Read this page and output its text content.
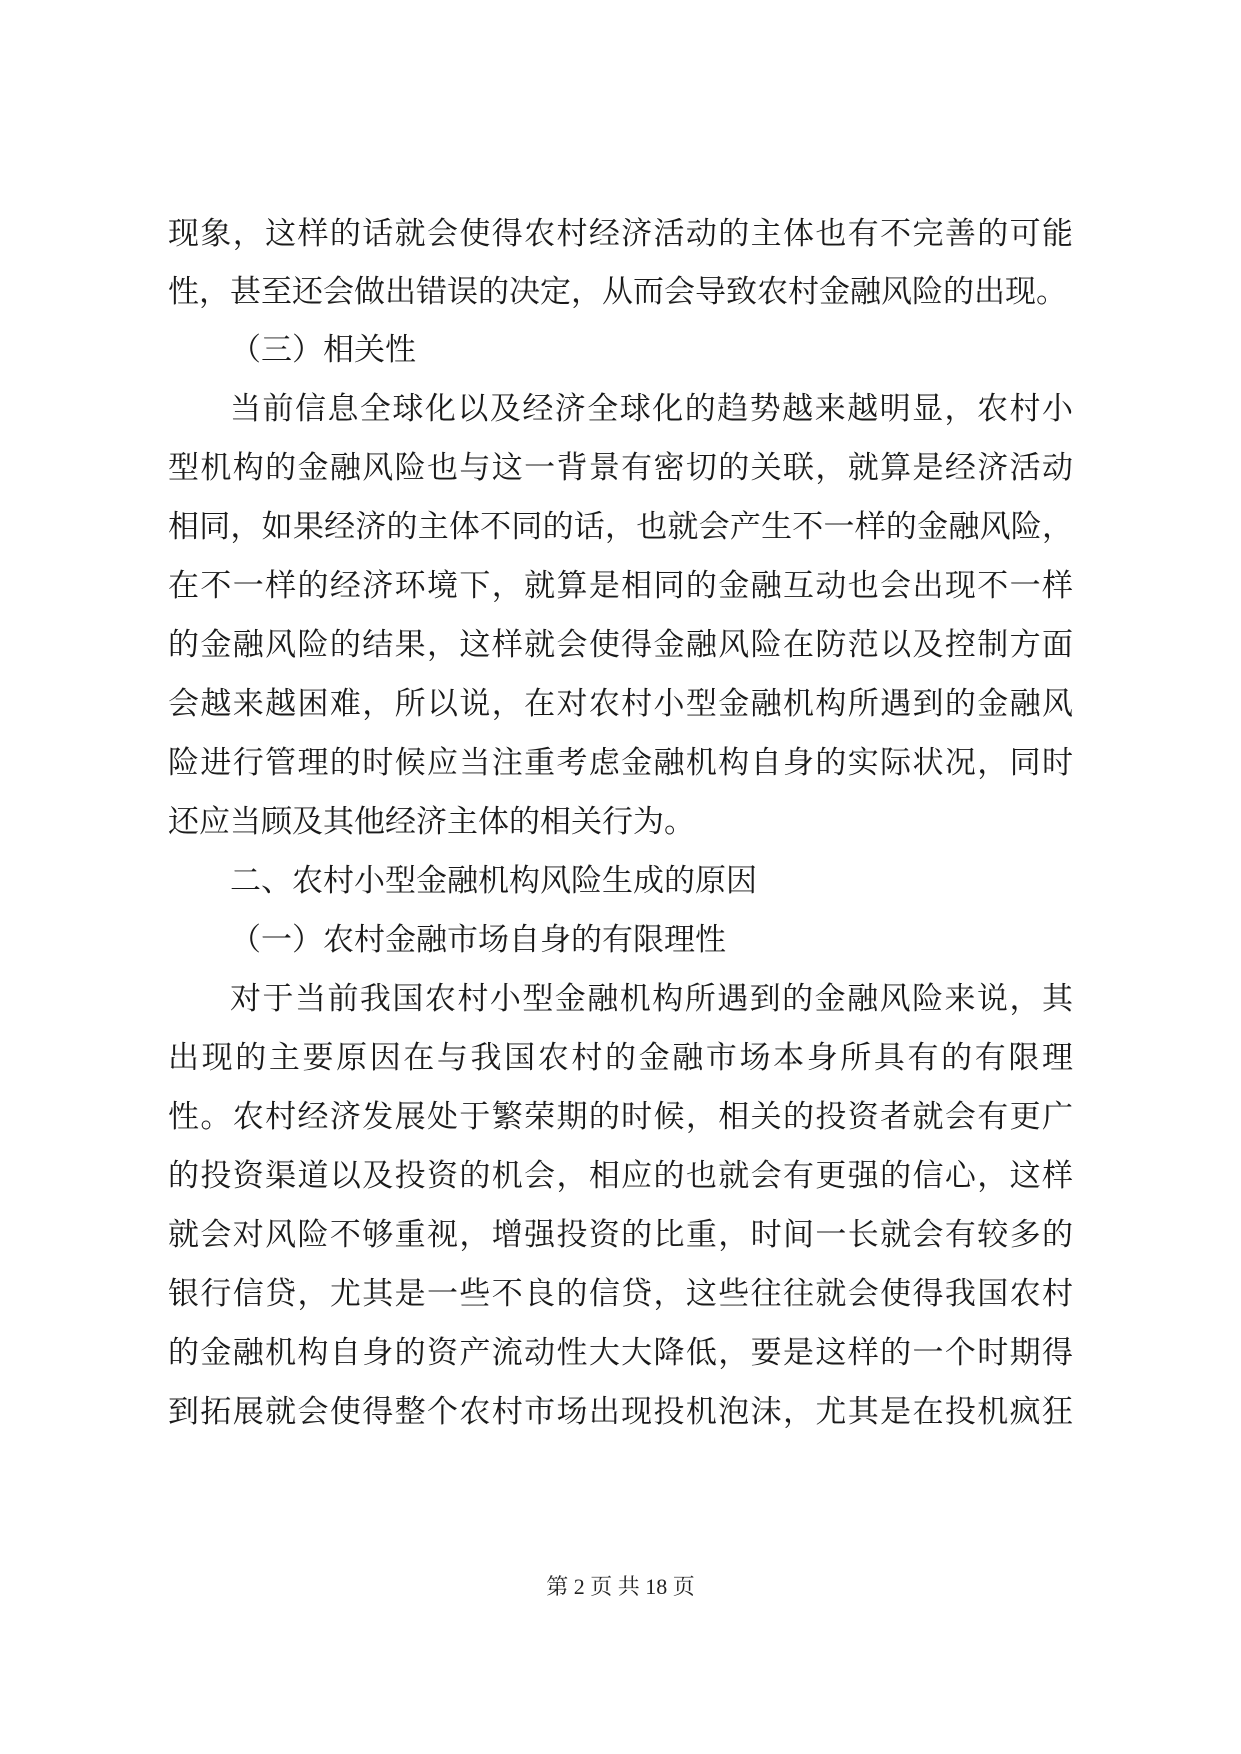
现象，这样的话就会使得农村经济活动的主体也有不完善的可能
性，甚至还会做出错误的决定，从而会导致农村金融风险的出现。
（三）相关性
当前信息全球化以及经济全球化的趋势越来越明显，农村小
型机构的金融风险也与这一背景有密切的关联，就算是经济活动
相同，如果经济的主体不同的话，也就会产生不一样的金融风险，
在不一样的经济环境下，就算是相同的金融互动也会出现不一样
的金融风险的结果，这样就会使得金融风险在防范以及控制方面
会越来越困难，所以说，在对农村小型金融机构所遇到的金融风
险进行管理的时候应当注重考虑金融机构自身的实际状况，同时
还应当顾及其他经济主体的相关行为。
二、农村小型金融机构风险生成的原因
（一）农村金融市场自身的有限理性
对于当前我国农村小型金融机构所遇到的金融风险来说，其
出现的主要原因在与我国农村的金融市场本身所具有的有限理
性。农村经济发展处于繁荣期的时候，相关的投资者就会有更广
的投资渠道以及投资的机会，相应的也就会有更强的信心，这样
就会对风险不够重视，增强投资的比重，时间一长就会有较多的
银行信贷，尤其是一些不良的信贷，这些往往就会使得我国农村
的金融机构自身的资产流动性大大降低，要是这样的一个时期得
到拓展就会使得整个农村市场出现投机泡沫，尤其是在投机疯狂
第 2 页 共 18 页
